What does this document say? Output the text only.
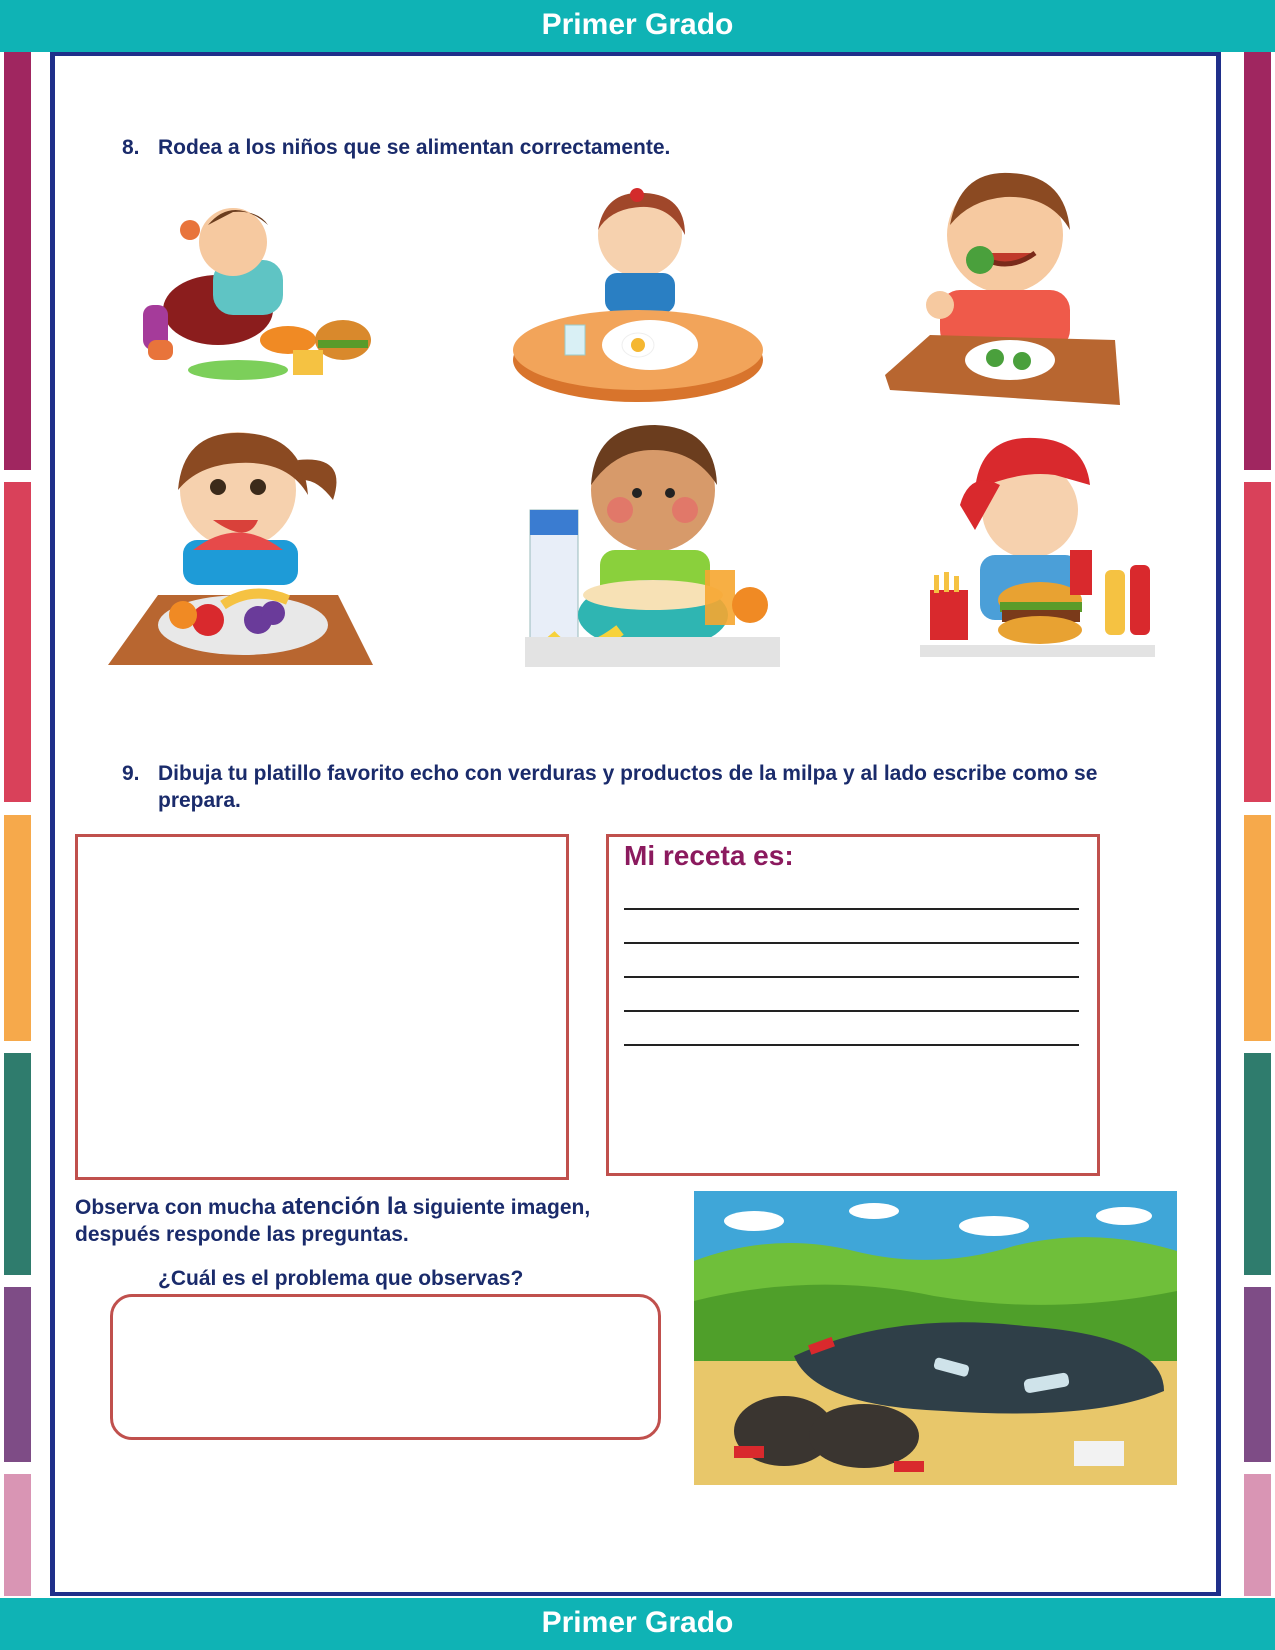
Primer Grado
Primer Grado
8. Rodea a los niños que se alimentan correctamente.
9. Dibuja tu platillo favorito echo con verduras y productos de la milpa y al lado escribe como se
prepara.
Mi receta es:
Observa con mucha atención la siguiente imagen,
después responde las preguntas.
¿Cuál es el problema que observas?
